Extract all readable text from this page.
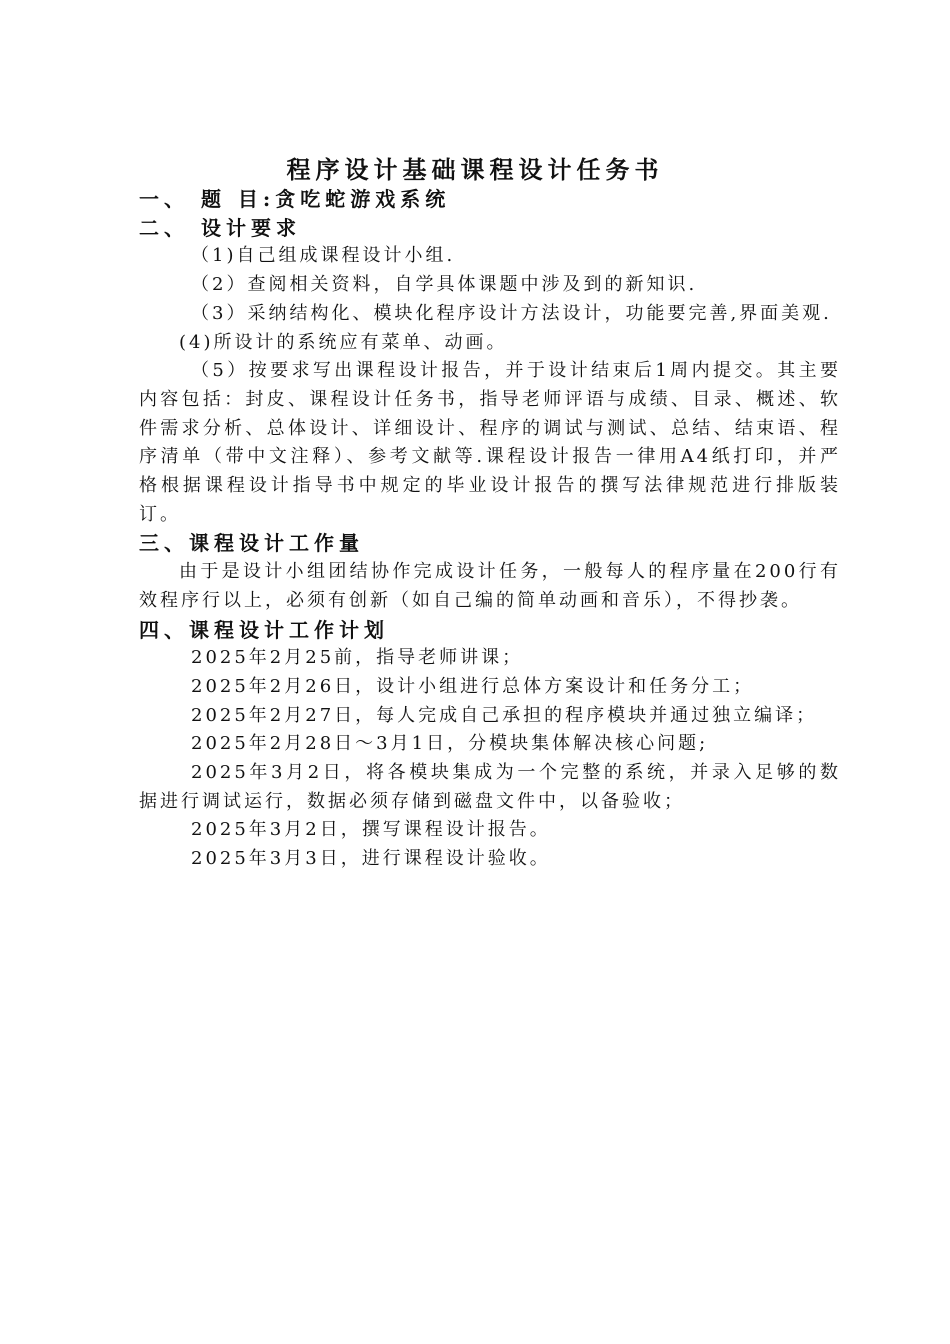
程序设计基础课程设计任务书
一、 题 目:贪吃蛇游戏系统
二、 设计要求
（1)自己组成课程设计小组.
（2）查阅相关资料，自学具体课题中涉及到的新知识.
（3）采纳结构化、模块化程序设计方法设计，功能要完善,界面美观.
(4)所设计的系统应有菜单、动画。
（5）按要求写出课程设计报告，并于设计结束后1周内提交。其主要内容包括：封皮、课程设计任务书，指导老师评语与成绩、目录、概述、软件需求分析、总体设计、详细设计、程序的调试与测试、总结、结束语、程序清单（带中文注释）、参考文献等.课程设计报告一律用A4纸打印，并严格根据课程设计指导书中规定的毕业设计报告的撰写法律规范进行排版装订。
三、课程设计工作量
由于是设计小组团结协作完成设计任务，一般每人的程序量在200行有效程序行以上，必须有创新（如自己编的简单动画和音乐），不得抄袭。
四、课程设计工作计划
2025年2月25前，指导老师讲课；
2025年2月26日，设计小组进行总体方案设计和任务分工；
2025年2月27日，每人完成自己承担的程序模块并通过独立编译；
2025年2月28日～3月1日，分模块集体解决核心问题;
2025年3月2日，将各模块集成为一个完整的系统，并录入足够的数据进行调试运行，数据必须存储到磁盘文件中，以备验收；
2025年3月2日，撰写课程设计报告。
2025年3月3日，进行课程设计验收。
